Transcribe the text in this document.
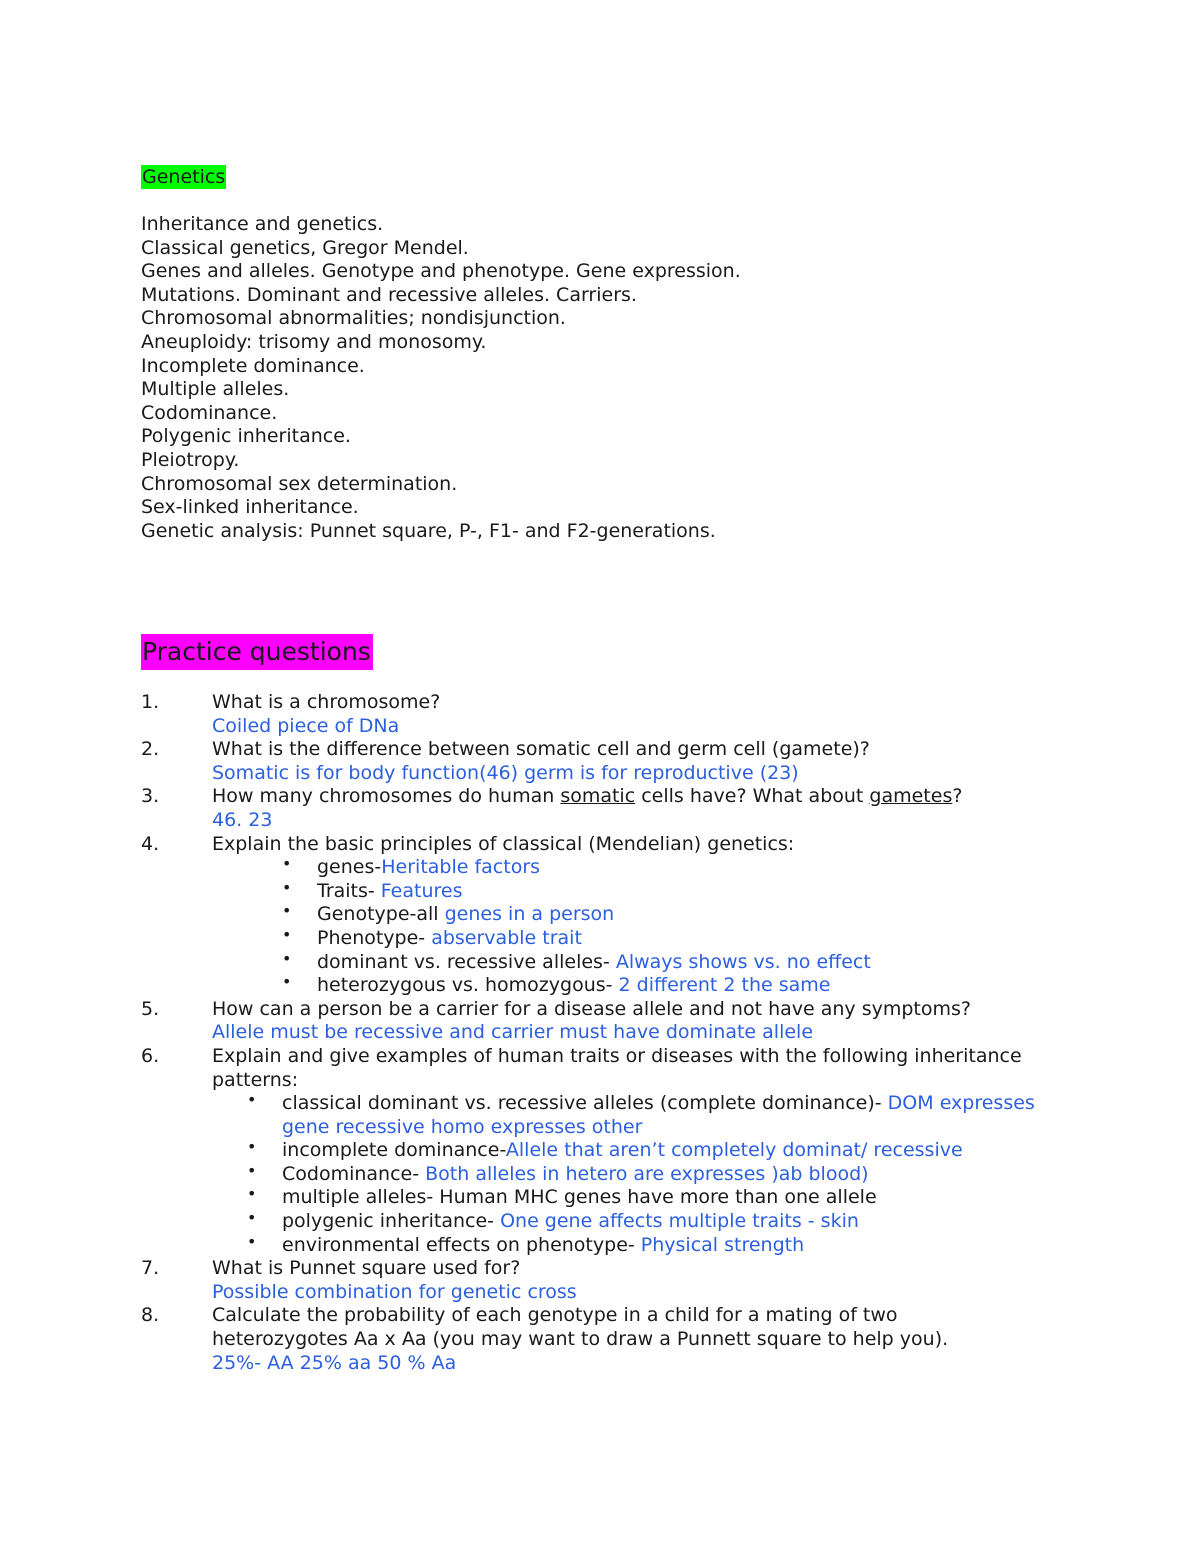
Genetics
Inheritance and genetics.
Classical genetics, Gregor Mendel.
Genes and alleles. Genotype and phenotype. Gene expression.
Mutations. Dominant and recessive alleles. Carriers.
Chromosomal abnormalities; nondisjunction.
Aneuploidy: trisomy and monosomy.
Incomplete dominance.
Multiple alleles.
Codominance.
Polygenic inheritance.
Pleiotropy.
Chromosomal sex determination.
Sex-linked inheritance.
Genetic analysis: Punnet square, P-, F1- and F2-generations.
Practice questions
1.	What is a chromosome?
Coiled piece of DNa
2.	What is the difference between somatic cell and germ cell (gamete)?
Somatic is for body function(46) germ is for reproductive (23)
3.	How many chromosomes do human somatic cells have? What about gametes?
46. 23
4.	Explain the basic principles of classical (Mendelian) genetics:
• genes-Heritable factors
• Traits- Features
• Genotype-all genes in a person
• Phenotype- abservable trait
• dominant vs. recessive alleles- Always shows vs. no effect
• heterozygous vs. homozygous- 2 different 2 the same
5.	How can a person be a carrier for a disease allele and not have any symptoms?
Allele must be recessive and carrier must have dominate allele
6.	Explain and give examples of human traits or diseases with the following inheritance
patterns:
• classical dominant vs. recessive alleles (complete dominance)- DOM expresses
gene recessive homo expresses other
• incomplete dominance-Allele that aren’t completely dominat/ recessive
• Codominance- Both alleles in hetero are expresses )ab blood)
• multiple alleles- Human MHC genes have more than one allele
• polygenic inheritance- One gene affects multiple traits - skin
• environmental effects on phenotype- Physical strength
7.	What is Punnet square used for?
Possible combination for genetic cross
8.	Calculate the probability of each genotype in a child for a mating of two
heterozygotes Aa x Aa (you may want to draw a Punnett square to help you).
25%- AA 25% aa 50 % Aa
